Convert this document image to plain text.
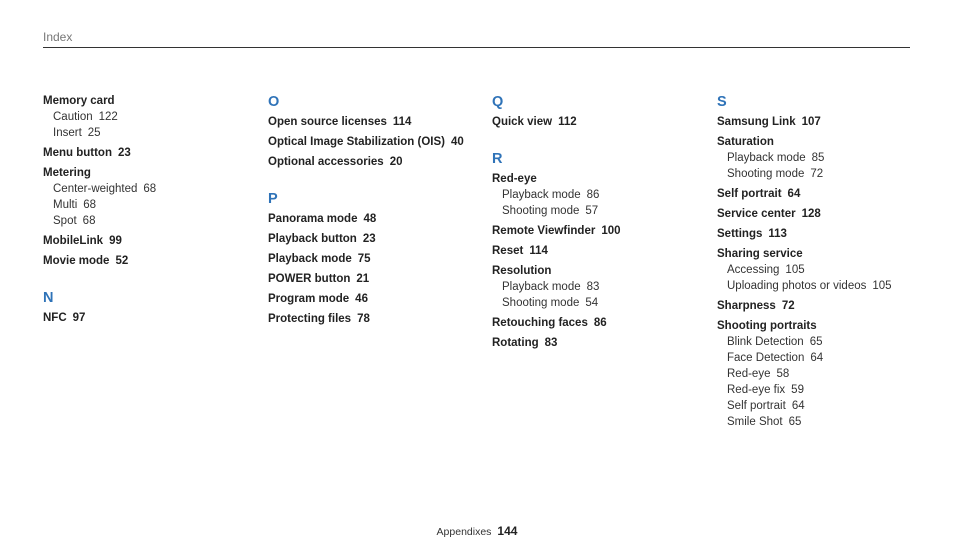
Index
Memory card
Caution 122
Insert 25
Menu button 23
Metering
Center-weighted 68
Multi 68
Spot 68
MobileLink 99
Movie mode 52
N
NFC 97
O
Open source licenses 114
Optical Image Stabilization (OIS) 40
Optional accessories 20
P
Panorama mode 48
Playback button 23
Playback mode 75
POWER button 21
Program mode 46
Protecting files 78
Q
Quick view 112
R
Red-eye
Playback mode 86
Shooting mode 57
Remote Viewfinder 100
Reset 114
Resolution
Playback mode 83
Shooting mode 54
Retouching faces 86
Rotating 83
S
Samsung Link 107
Saturation
Playback mode 85
Shooting mode 72
Self portrait 64
Service center 128
Settings 113
Sharing service
Accessing 105
Uploading photos or videos 105
Sharpness 72
Shooting portraits
Blink Detection 65
Face Detection 64
Red-eye 58
Red-eye fix 59
Self portrait 64
Smile Shot 65
Appendixes 144
